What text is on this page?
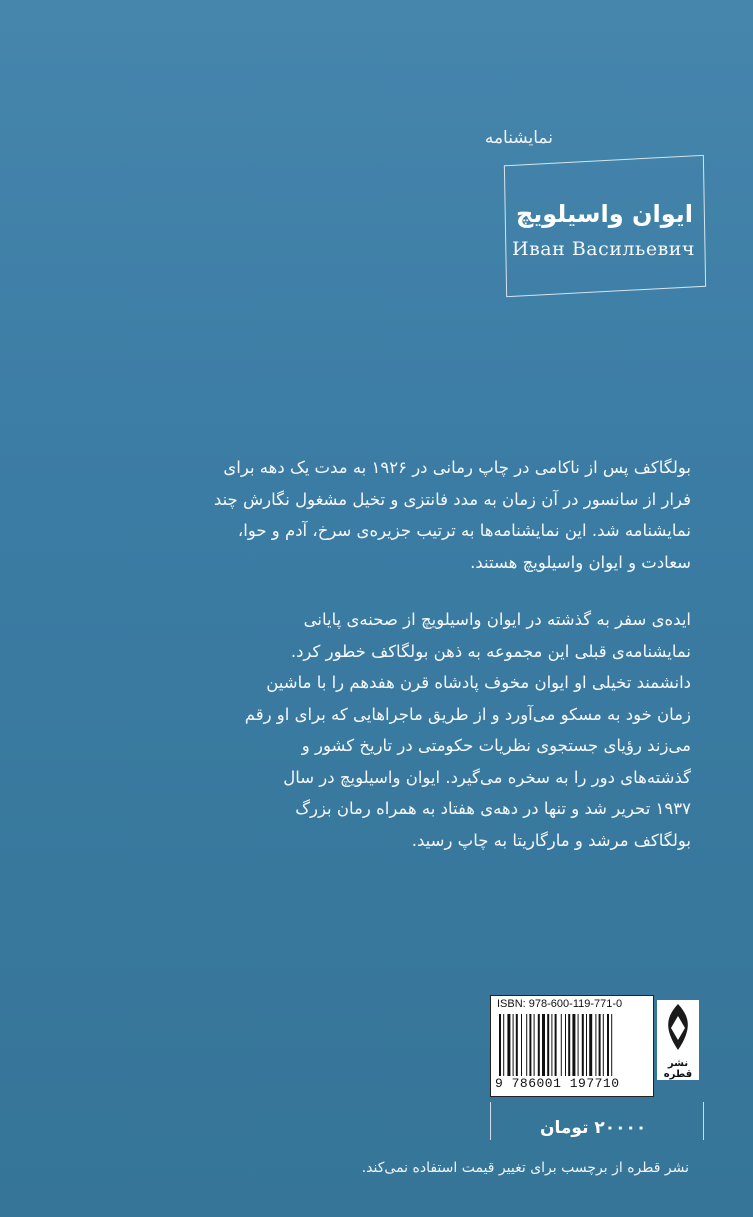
نمایشنامه
ایوان واسیلویچ
Иван Васильевич
بولگاکف پس از ناکامی در چاپ رمانی در ۱۹۲۶ به مدت یک دهه برای
فرار از سانسور در آن زمان به مدد فانتزی و تخیل مشغول نگارش چند
نمایشنامه شد. این نمایشنامه‌ها به ترتیب جزیره‌ی سرخ، آدم و حوا،
سعادت و ایوان واسیلویچ هستند.
ایده‌ی سفر به گذشته در ایوان واسیلویچ از صحنه‌ی پایانی
نمایشنامه‌ی قبلی این مجموعه به ذهن بولگاکف خطور کرد.
دانشمند تخیلی او ایوان مخوف پادشاه قرن هفدهم را با ماشین
زمان خود به مسکو می‌آورد و از طریق ماجراهایی که برای او رقم
می‌زند رؤیای جستجوی نظریات حکومتی در تاریخ کشور و
گذشته‌های دور را به سخره می‌گیرد. ایوان واسیلویچ در سال
۱۹۳۷ تحریر شد و تنها در دهه‌ی هفتاد به همراه رمان بزرگ
بولگاکف مرشد و مارگاریتا به چاپ رسید.
ISBN: 978-600-119-771-0
9 786001 197710
نشر قطره
۲۰۰۰۰ تومان
نشر قطره از برچسب برای تغییر قیمت استفاده نمی‌کند.
